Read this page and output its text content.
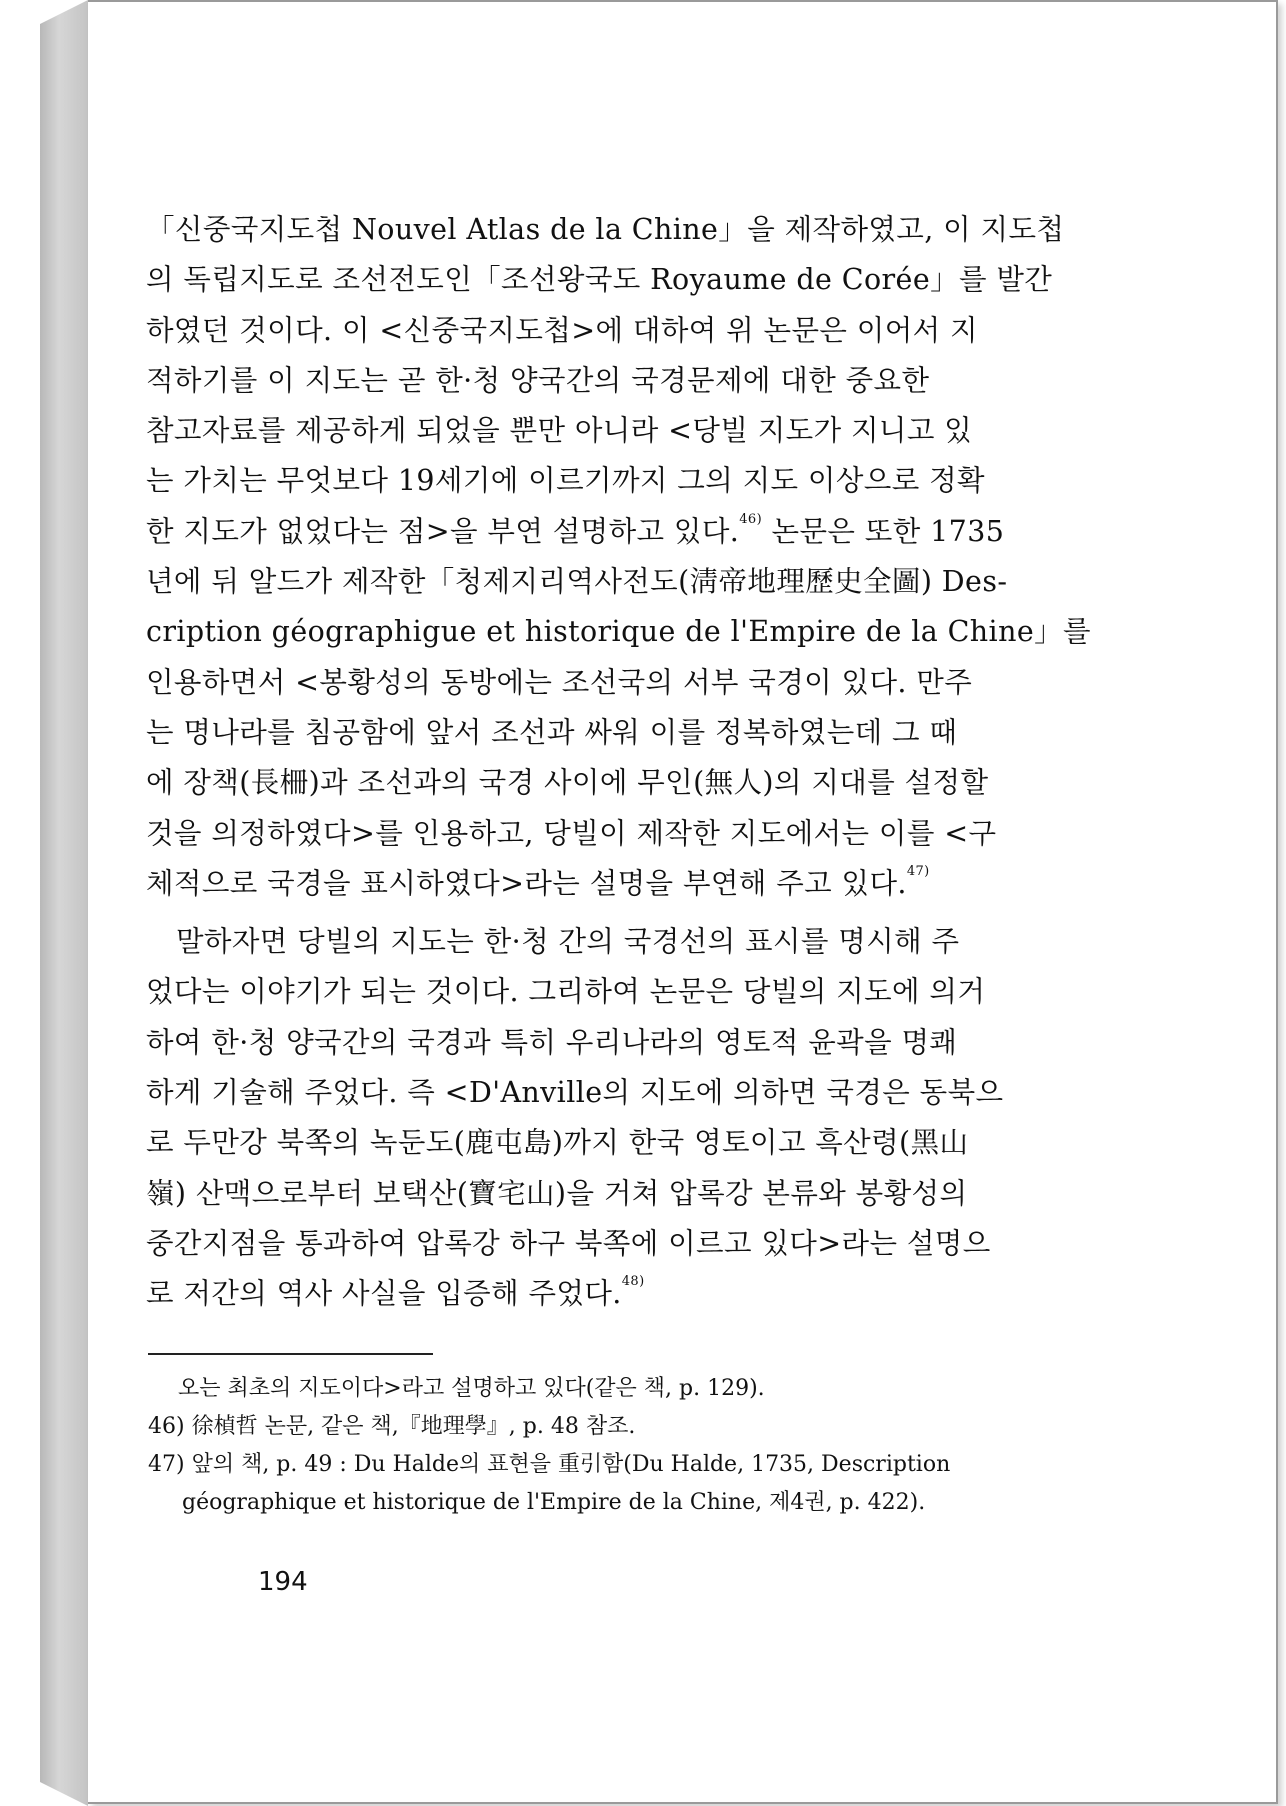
「신중국지도첩 Nouvel Atlas de la Chine」을 제작하였고, 이 지도첩
의 독립지도로 조선전도인「조선왕국도 Royaume de Corée」를 발간
하였던 것이다. 이 <신중국지도첩>에 대하여 위 논문은 이어서 지
적하기를 이 지도는 곧 한·청 양국간의 국경문제에 대한 중요한
참고자료를 제공하게 되었을 뿐만 아니라 <당빌 지도가 지니고 있
는 가치는 무엇보다 19세기에 이르기까지 그의 지도 이상으로 정확
한 지도가 없었다는 점>을 부연 설명하고 있다.$^{46)}$ 논문은 또한 1735
년에 뒤 알드가 제작한「청제지리역사전도(淸帝地理歷史全圖) Des-
cription géographigue et historique de l'Empire de la Chine」를
인용하면서 <봉황성의 동방에는 조선국의 서부 국경이 있다. 만주
는 명나라를 침공함에 앞서 조선과 싸워 이를 정복하였는데 그 때
에 장책(長柵)과 조선과의 국경 사이에 무인(無人)의 지대를 설정할
것을 의정하였다>를 인용하고, 당빌이 제작한 지도에서는 이를 <구
체적으로 국경을 표시하였다>라는 설명을 부연해 주고 있다.$^{47)}$
말하자면 당빌의 지도는 한·청 간의 국경선의 표시를 명시해 주
었다는 이야기가 되는 것이다. 그리하여 논문은 당빌의 지도에 의거
하여 한·청 양국간의 국경과 특히 우리나라의 영토적 윤곽을 명쾌
하게 기술해 주었다. 즉 <D'Anville의 지도에 의하면 국경은 동북으
로 두만강 북쪽의 녹둔도(鹿屯島)까지 한국 영토이고 흑산령(黑山
嶺) 산맥으로부터 보택산(寶宅山)을 거쳐 압록강 본류와 봉황성의
중간지점을 통과하여 압록강 하구 북쪽에 이르고 있다>라는 설명으
로 저간의 역사 사실을 입증해 주었다.$^{48)}$
오는 최초의 지도이다>라고 설명하고 있다(같은 책, p. 129).
46) 徐楨哲 논문, 같은 책,『地理學』, p. 48 참조.
47) 앞의 책, p. 49 : Du Halde의 표현을 重引함(Du Halde, 1735, Description
géographique et historique de l'Empire de la Chine, 제4권, p. 422).
194
